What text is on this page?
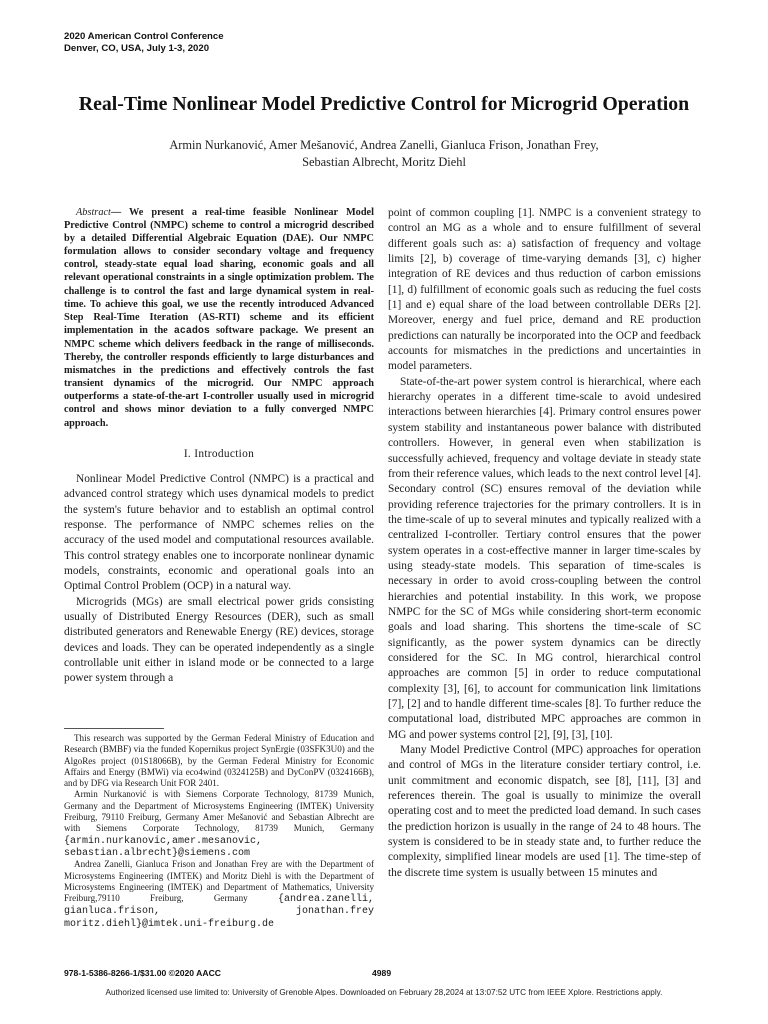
2020 American Control Conference
Denver, CO, USA, July 1-3, 2020
Real-Time Nonlinear Model Predictive Control for Microgrid Operation
Armin Nurkanović, Amer Mešanović, Andrea Zanelli, Gianluca Frison, Jonathan Frey,
Sebastian Albrecht, Moritz Diehl

Abstract— We present a real-time feasible Nonlinear Model Predictive Control (NMPC) scheme to control a microgrid described by a detailed Differential Algebraic Equation (DAE). Our NMPC formulation allows to consider secondary voltage and frequency control, steady-state equal load sharing, economic goals and all relevant operational constraints in a single optimization problem. The challenge is to control the fast and large dynamical system in real-time. To achieve this goal, we use the recently introduced Advanced Step Real-Time Iteration (AS-RTI) scheme and its efficient implementation in the acados software package. We present an NMPC scheme which delivers feedback in the range of milliseconds. Thereby, the controller responds efficiently to large disturbances and mismatches in the predictions and effectively controls the fast transient dynamics of the microgrid. Our NMPC approach outperforms a state-of-the-art I-controller usually used in microgrid control and shows minor deviation to a fully converged NMPC approach.

I. Introduction

Nonlinear Model Predictive Control (NMPC) is a practical and advanced control strategy which uses dynamical models to predict the system's future behavior and to establish an optimal control response. The performance of NMPC schemes relies on the accuracy of the used model and computational resources available. This control strategy enables one to incorporate nonlinear dynamic models, constraints, economic and operational goals into an Optimal Control Problem (OCP) in a natural way.

Microgrids (MGs) are small electrical power grids consisting usually of Distributed Energy Resources (DER), such as small distributed generators and Renewable Energy (RE) devices, storage devices and loads. They can be operated independently as a single controllable unit either in island mode or be connected to a large power system through a

This research was supported by the German Federal Ministry of Education and Research (BMBF) via the funded Kopernikus project SynErgie (03SFK3U0) and the AlgoRes project (01S18066B), by the German Federal Ministry for Economic Affairs and Energy (BMWi) via eco4wind (0324125B) and DyConPV (0324166B), and by DFG via Research Unit FOR 2401.

Armin Nurkanović is with Siemens Corporate Technology, 81739 Munich, Germany and the Department of Microsystems Engineering (IMTEK) University Freiburg, 79110 Freiburg, Germany Amer Mešanović and Sebastian Albrecht are with Siemens Corporate Technology, 81739 Munich, Germany {armin.nurkanovic,amer.mesanovic, sebastian.albrecht}@siemens.com

Andrea Zanelli, Gianluca Frison and Jonathan Frey are with the Department of Microsystems Engineering (IMTEK) and Moritz Diehl is with the Department of Microsystems Engineering (IMTEK) and Department of Mathematics, University Freiburg,79110 Freiburg, Germany {andrea.zanelli, gianluca.frison, jonathan.frey moritz.diehl}@imtek.uni-freiburg.de

point of common coupling [1]. NMPC is a convenient strategy to control an MG as a whole and to ensure fulfillment of several different goals such as: a) satisfaction of frequency and voltage limits [2], b) coverage of time-varying demands [3], c) higher integration of RE devices and thus reduction of carbon emissions [1], d) fulfillment of economic goals such as reducing the fuel costs [1] and e) equal share of the load between controllable DERs [2]. Moreover, energy and fuel price, demand and RE production predictions can naturally be incorporated into the OCP and feedback accounts for mismatches in the predictions and uncertainties in model parameters.

State-of-the-art power system control is hierarchical, where each hierarchy operates in a different time-scale to avoid undesired interactions between hierarchies [4]. Primary control ensures power system stability and instantaneous power balance with distributed controllers. However, in general even when stabilization is successfully achieved, frequency and voltage deviate in steady state from their reference values, which leads to the next control level [4]. Secondary control (SC) ensures removal of the deviation while providing reference trajectories for the primary controllers. It is in the time-scale of up to several minutes and typically realized with a centralized I-controller. Tertiary control ensures that the power system operates in a cost-effective manner in larger time-scales by using steady-state models. This separation of time-scales is necessary in order to avoid cross-coupling between the control hierarchies and potential instability. In this work, we propose NMPC for the SC of MGs while considering short-term economic goals and load sharing. This shortens the time-scale of SC significantly, as the power system dynamics can be directly considered for the SC. In MG control, hierarchical control approaches are common [5] in order to reduce computational complexity [3], [6], to account for communication link limitations [7], [2] and to handle different time-scales [8]. To further reduce the computational load, distributed MPC approaches are common in MG and power systems control [2], [9], [3], [10].

Many Model Predictive Control (MPC) approaches for operation and control of MGs in the literature consider tertiary control, i.e. unit commitment and economic dispatch, see [8], [11], [3] and references therein. The goal is usually to minimize the overall operating cost and to meet the predicted load demand. In such cases the prediction horizon is usually in the range of 24 to 48 hours. The system is considered to be in steady state and, to further reduce the complexity, simplified linear models are used [1]. The time-step of the discrete time system is usually between 15 minutes and

978-1-5386-8266-1/$31.00 ©2020 AACC	4989
Authorized licensed use limited to: University of Grenoble Alpes. Downloaded on February 28,2024 at 13:07:52 UTC from IEEE Xplore. Restrictions apply.
